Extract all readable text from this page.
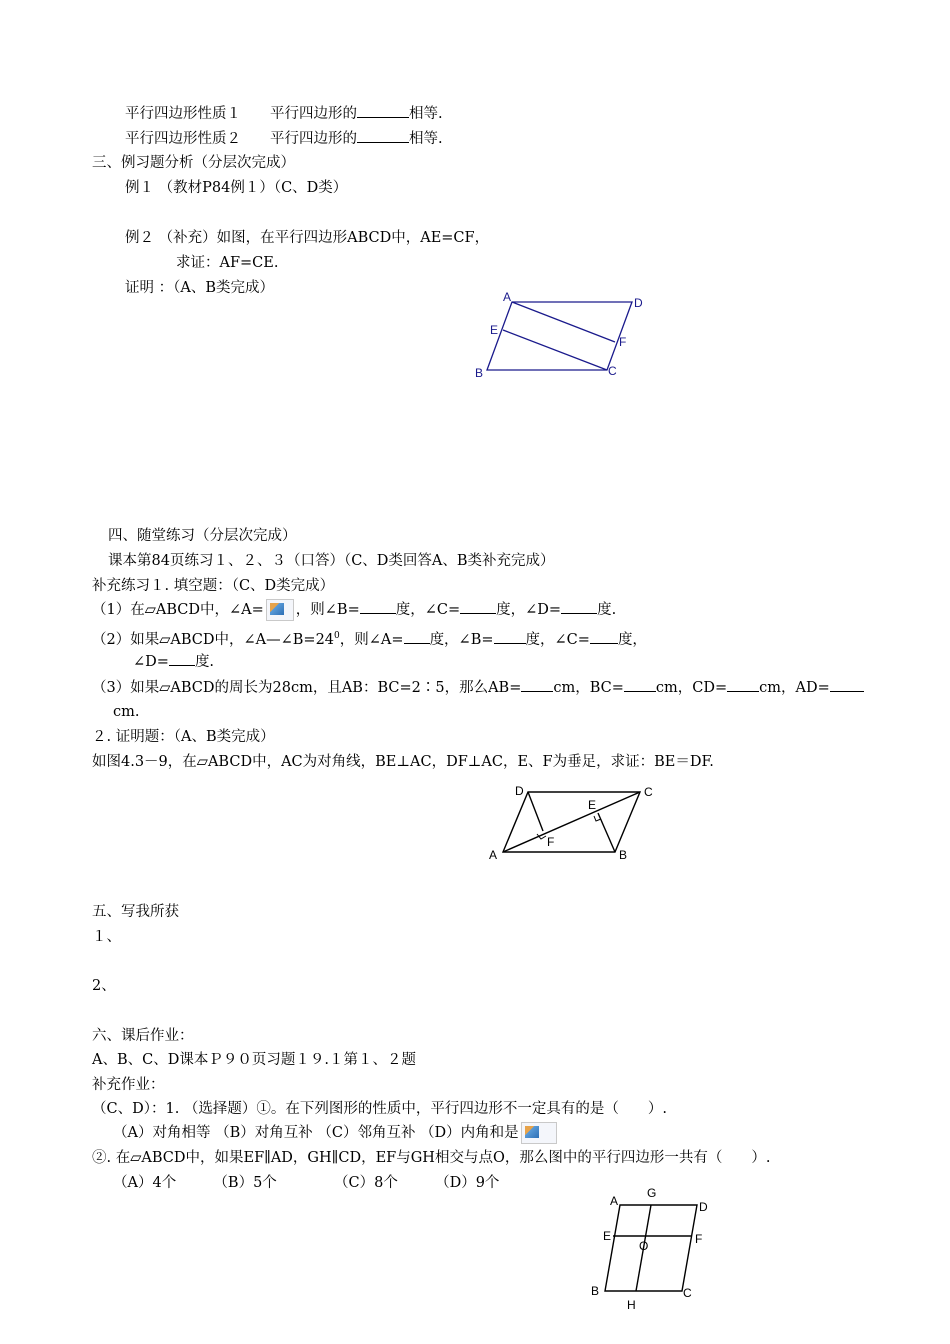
平行四边形性质１　　 平行四边形的	相等.
平行四边形性质２　　 平行四边形的	相等.
三、例习题分析（分层次完成）
例１ （教材P84例１）（C、D类）
例２ （补充）如图，在平行四边形ABCD中，AE=CF，
求证：AF=CE.
证明 ：（A、B类完成）
A	D
E
F
B	C
四、随堂练习（分层次完成）
课本第84页练习１、２、３（口答）（C、D类回答A、B类补充完成）
补充练习１. 填空题：（C、D类完成）
（1）在▱ABCD中，∠A= ，则∠B= 度，∠C= 度，∠D= 度.
（2）如果▱ABCD中，$\angle A—\angle B=24^0$，则∠A= 度，∠B= 度，∠C= 度，
∠D= 度.
（3）如果▱ABCD的周长为28cm，且AB：BC=2∶5，那么AB= cm，BC= cm，CD= cm，AD=
cm.
２. 证明题：（A、B类完成）
如图4.3－9，在▱ABCD中，AC为对角线，BE⊥AC，DF⊥AC，E、F为垂足，求证：BE＝DF.
D	C
E
F
A	B
五、写我所获
１、
2、
六、课后作业：
A、B、C、D课本Ｐ９０页习题１９.１第１、２题
补充作业：
（C、D）：1. （选择题）①。在下列图形的性质中，平行四边形不一定具有的是（　　）.
（A）对角相等 （B）对角互补 （C）邻角互补 （D）内角和是
②. 在▱ABCD中，如果EF∥AD，GH∥CD，EF与GH相交与点O，那么图中的平行四边形一共有（　　）.
（A）4个	（B）5个	（C）8个	（D）9个
A
G
D
E
O	F
B	C
H
